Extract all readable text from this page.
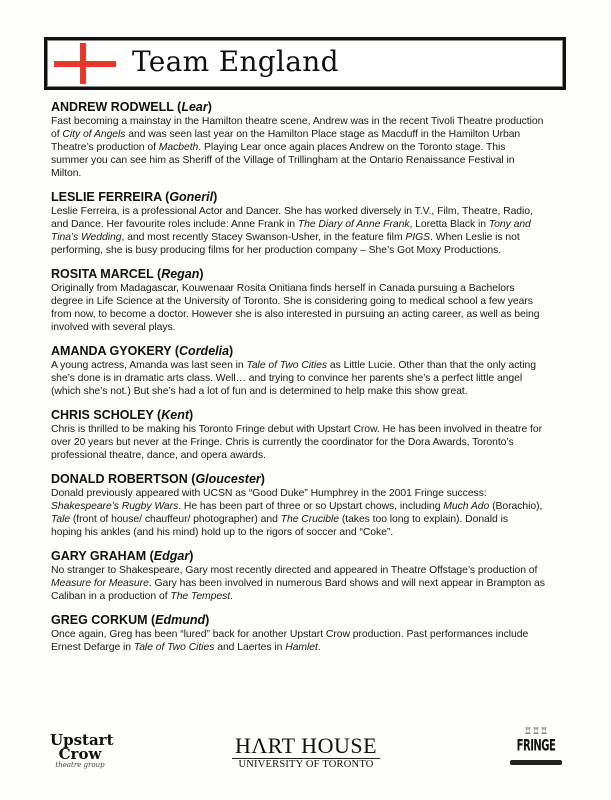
Team England
ANDREW RODWELL (Lear)
Fast becoming a mainstay in the Hamilton theatre scene, Andrew was in the recent Tivoli Theatre production
of City of Angels and was seen last year on the Hamilton Place stage as Macduff in the Hamilton Urban
Theatre’s production of Macbeth. Playing Lear once again places Andrew on the Toronto stage. This
summer you can see him as Sheriff of the Village of Trillingham at the Ontario Renaissance Festival in
Milton.
LESLIE FERREIRA (Goneril)
Leslie Ferreira, is a professional Actor and Dancer. She has worked diversely in T.V., Film, Theatre, Radio,
and Dance. Her favourite roles include: Anne Frank in The Diary of Anne Frank, Loretta Black in Tony and
Tina’s Wedding, and most recently Stacey Swanson-Usher, in the feature film PIGS. When Leslie is not
performing, she is busy producing films for her production company – She’s Got Moxy Productions.
ROSITA MARCEL (Regan)
Originally from Madagascar, Kouwenaar Rosita Onitiana finds herself in Canada pursuing a Bachelors
degree in Life Science at the University of Toronto. She is considering going to medical school a few years
from now, to become a doctor. However she is also interested in pursuing an acting career, as well as being
involved with several plays.
AMANDA GYOKERY (Cordelia)
A young actress, Amanda was last seen in Tale of Two Cities as Little Lucie. Other than that the only acting
she’s done is in dramatic arts class. Well… and trying to convince her parents she’s a perfect little angel
(which she’s not.) But she’s had a lot of fun and is determined to help make this show great.
CHRIS SCHOLEY (Kent)
Chris is thrilled to be making his Toronto Fringe debut with Upstart Crow. He has been involved in theatre for
over 20 years but never at the Fringe. Chris is currently the coordinator for the Dora Awards, Toronto’s
professional theatre, dance, and opera awards.
DONALD ROBERTSON (Gloucester)
Donald previously appeared with UCSN as “Good Duke” Humphrey in the 2001 Fringe success:
Shakespeare’s Rugby Wars. He has been part of three or so Upstart chows, including Much Ado (Borachio),
Tale (front of house/ chauffeur/ photographer) and The Crucible (takes too long to explain). Donald is
hoping his ankles (and his mind) hold up to the rigors of soccer and “Coke”.
GARY GRAHAM (Edgar)
No stranger to Shakespeare, Gary most recently directed and appeared in Theatre Offstage’s production of
Measure for Measure. Gary has been involved in numerous Bard shows and will next appear in Brampton as
Caliban in a production of The Tempest.
GREG CORKUM (Edmund)
Once again, Greg has been “lured” back for another Upstart Crow production. Past performances include
Ernest Defarge in Tale of Two Cities and Laertes in Hamlet.
Upstart
Crow
theatre group
HΛRT HOUSE
UNIVERSITY OF TORONTO
♖♖♖
FRINGE
